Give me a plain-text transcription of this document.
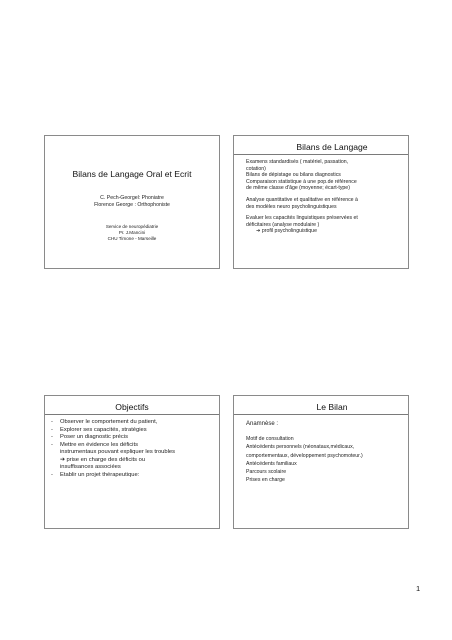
Bilans de Langage Oral et Ecrit
C. Pech-Georgel: Phoniatre
Florence George : Orthophoniste
Service de neuropédiatrie
Pr. J.Mancini
CHU Timone - Marseille
Bilans de Langage
Examens standardisés ( matériel, passation,
cotation)
Bilans de dépistage ou bilans diagnostics
Comparaison statistique à une pop.de référence
de même classe d'âge (moyenne; écart-type)
Analyse quantitative et qualitative en référence à
des modèles neuro psycholinguistiques
Evaluer les capacités linguistiques préservées et
déficitaires (analyse modulaire )
➔ profil psycholinguistique
Objectifs
- Observer le comportement du patient,
- Explorer ses capacités, stratégies
- Poser un diagnostic précis
- Mettre en évidence les déficits
instrumentaux pouvant expliquer les troubles
➔ prise en charge des déficits ou
insuffisances associées
- Etablir un projet thérapeutique:
Le Bilan
Anamnèse :
Motif de consultation
Antécédents personnels (néonataux,médicaux,
comportementaux, développement psychomoteur.)
Antécédents familiaux
Parcours scolaire
Prises en charge
1
